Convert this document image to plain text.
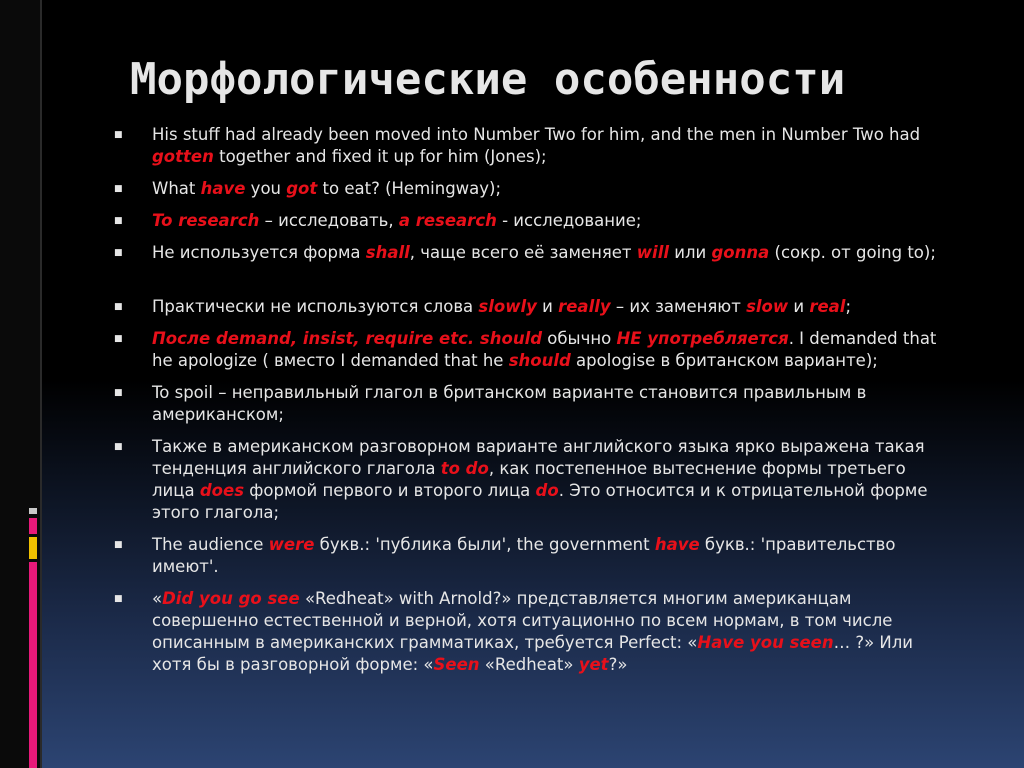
Морфологические особенности
■ His stuff had already been moved into Number Two for him, and the men in Number Two had gotten together and fixed it up for him (Jones);
■ What have you got to eat? (Hemingway);
■ To research – исследовать, a research - исследование;
■ Не используется форма shall, чаще всего её заменяет will или gonna (сокр. от going to);
■ Практически не используются слова slowly и really – их заменяют slow и real;
■ После demand, insist, require etc. should обычно НЕ употребляется. I demanded that he apologize ( вместо I demanded that he should apologise в британском варианте);
■ To spoil – неправильный глагол в британском варианте становится правильным в американском;
■ Также в американском разговорном варианте английского языка ярко выражена такая тенденция английского глагола to do, как постепенное вытеснение формы третьего лица does формой первого и второго лица do. Это относится и к отрицательной форме этого глагола;
■ The audience were букв.: 'публика были', the government have букв.: 'правительство имеют'.
■ «Did you go see «Redheat» with Arnold?» представляется многим американцам совершенно естественной и верной, хотя ситуационно по всем нормам, в том числе описанным в американских грамматиках, требуется Perfect: «Have you seen… ?» Или хотя бы в разговорной форме: «Seen «Redheat» yet?»
